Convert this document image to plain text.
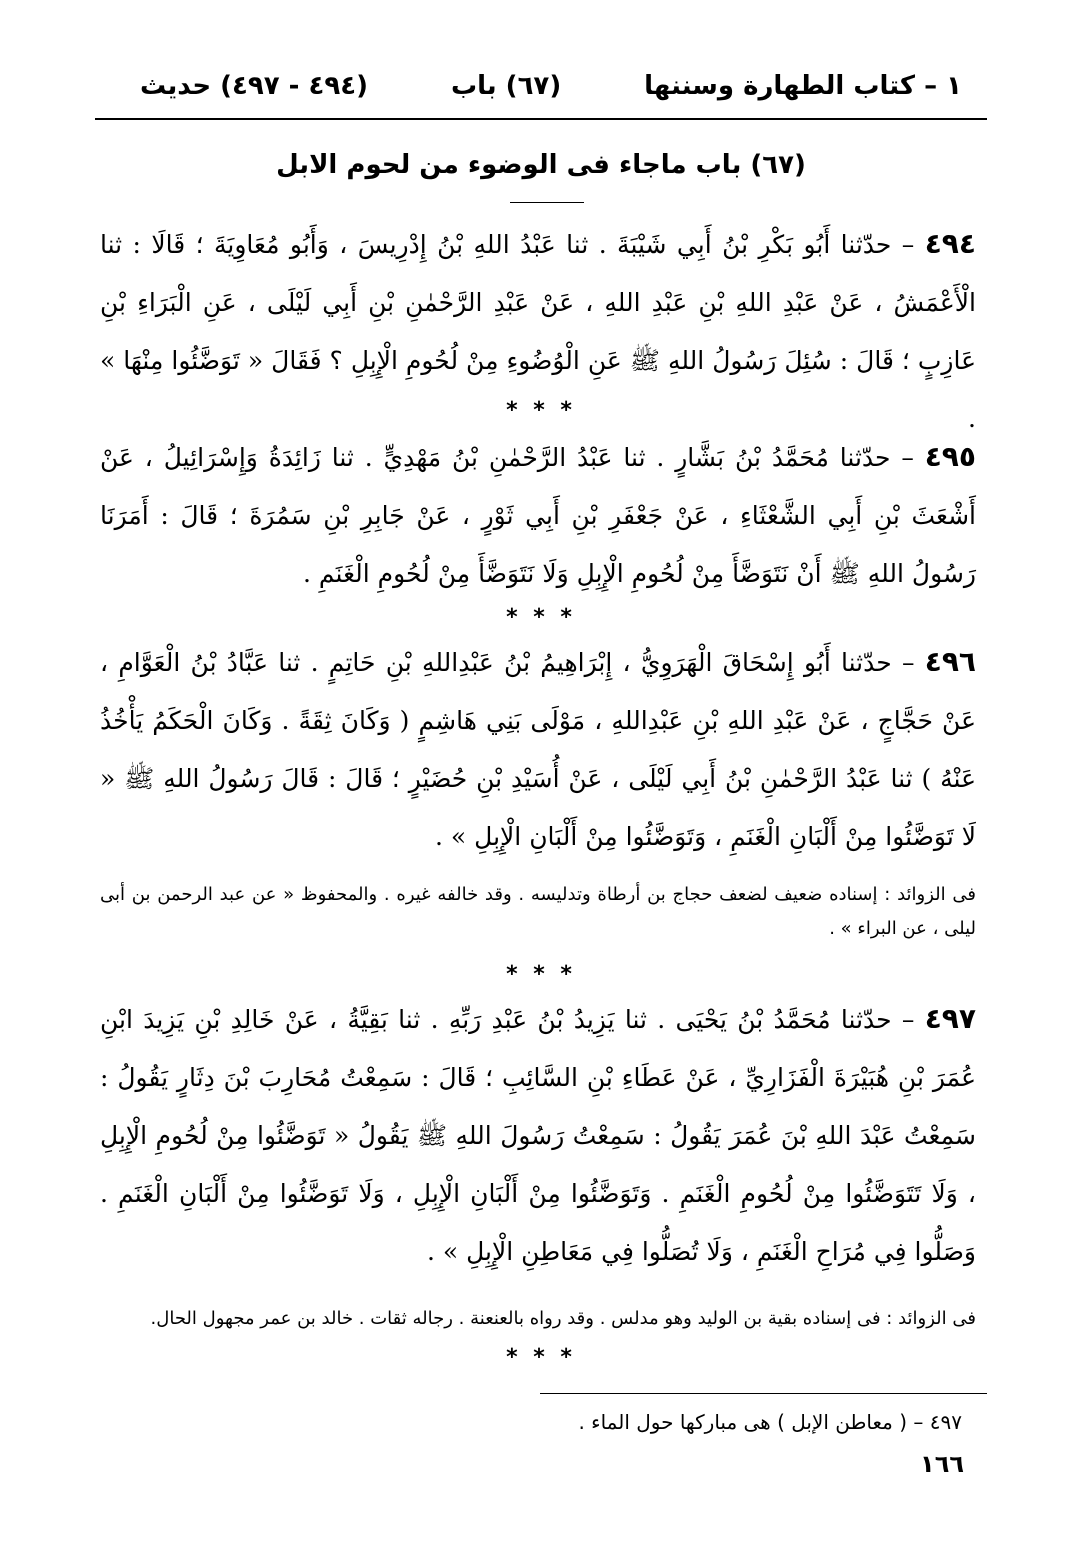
١ – كتاب الطهارة وسننها
(٦٧) باب
(٤٩٤ - ٤٩٧) حديث
(٦٧) باب ماجاء فى الوضوء من لحوم الابل
٤٩٤ – حدّثنا أَبُو بَكْرِ بْنُ أَبِي شَيْبَةَ . ثنا عَبْدُ اللهِ بْنُ إِدْرِيسَ ، وَأَبُو مُعَاوِيَةَ ؛ قَالَا : ثنا الْأَعْمَشُ ، عَنْ عَبْدِ اللهِ بْنِ عَبْدِ اللهِ ، عَنْ عَبْدِ الرَّحْمٰنِ بْنِ أَبِي لَيْلَى ، عَنِ الْبَرَاءِ بْنِ عَازِبٍ ؛ قَالَ : سُئِلَ رَسُولُ اللهِ ﷺ عَنِ الْوُضُوءِ مِنْ لُحُومِ الْإِبِلِ ؟ فَقَالَ « تَوَضَّئُوا مِنْهَا » .
* * *
٤٩٥ – حدّثنا مُحَمَّدُ بْنُ بَشَّارٍ . ثنا عَبْدُ الرَّحْمٰنِ بْنُ مَهْدِيٍّ . ثنا زَائِدَةُ وَإِسْرَائِيلُ ، عَنْ أَشْعَثَ بْنِ أَبِي الشَّعْثَاءِ ، عَنْ جَعْفَرِ بْنِ أَبِي ثَوْرٍ ، عَنْ جَابِرِ بْنِ سَمُرَةَ ؛ قَالَ : أَمَرَنَا رَسُولُ اللهِ ﷺ أَنْ نَتَوَضَّأَ مِنْ لُحُومِ الْإِبِلِ وَلَا نَتَوَضَّأَ مِنْ لُحُومِ الْغَنَمِ .
* * *
٤٩٦ – حدّثنا أَبُو إِسْحَاقَ الْهَرَوِيُّ ، إِبْرَاهِيمُ بْنُ عَبْدِاللهِ بْنِ حَاتِمٍ . ثنا عَبَّادُ بْنُ الْعَوَّامِ ، عَنْ حَجَّاجٍ ، عَنْ عَبْدِ اللهِ بْنِ عَبْدِاللهِ ، مَوْلَى بَنِي هَاشِمٍ ( وَكَانَ ثِقَةً . وَكَانَ الْحَكَمُ يَأْخُذُ عَنْهُ ) ثنا عَبْدُ الرَّحْمٰنِ بْنُ أَبِي لَيْلَى ، عَنْ أُسَيْدِ بْنِ حُضَيْرٍ ؛ قَالَ : قَالَ رَسُولُ اللهِ ﷺ « لَا تَوَضَّئُوا مِنْ أَلْبَانِ الْغَنَمِ ، وَتَوَضَّئُوا مِنْ أَلْبَانِ الْإِبِلِ » .
فى الزوائد : إسناده ضعيف لضعف حجاج بن أرطاة وتدليسه . وقد خالفه غيره . والمحفوظ « عن عبد الرحمن بن أبى ليلى ، عن البراء » .
* * *
٤٩٧ – حدّثنا مُحَمَّدُ بْنُ يَحْيَى . ثنا يَزِيدُ بْنُ عَبْدِ رَبِّهِ . ثنا بَقِيَّةُ ، عَنْ خَالِدِ بْنِ يَزِيدَ ابْنِ عُمَرَ بْنِ هُبَيْرَةَ الْفَزَارِيِّ ، عَنْ عَطَاءِ بْنِ السَّائِبِ ؛ قَالَ : سَمِعْتُ مُحَارِبَ بْنَ دِثَارٍ يَقُولُ : سَمِعْتُ عَبْدَ اللهِ بْنَ عُمَرَ يَقُولُ : سَمِعْتُ رَسُولَ اللهِ ﷺ يَقُولُ « تَوَضَّئُوا مِنْ لُحُومِ الْإِبِلِ ، وَلَا تَتَوَضَّئُوا مِنْ لُحُومِ الْغَنَمِ . وَتَوَضَّئُوا مِنْ أَلْبَانِ الْإِبِلِ ، وَلَا تَوَضَّئُوا مِنْ أَلْبَانِ الْغَنَمِ . وَصَلُّوا فِي مُرَاحِ الْغَنَمِ ، وَلَا تُصَلُّوا فِي مَعَاطِنِ الْإِبِلِ » .
فى الزوائد : فى إسناده بقية بن الوليد وهو مدلس . وقد رواه بالعنعنة . رجاله ثقات . خالد بن عمر مجهول الحال.
* * *
٤٩٧ – ( معاطن الإبل ) هى مباركها حول الماء .
١٦٦
